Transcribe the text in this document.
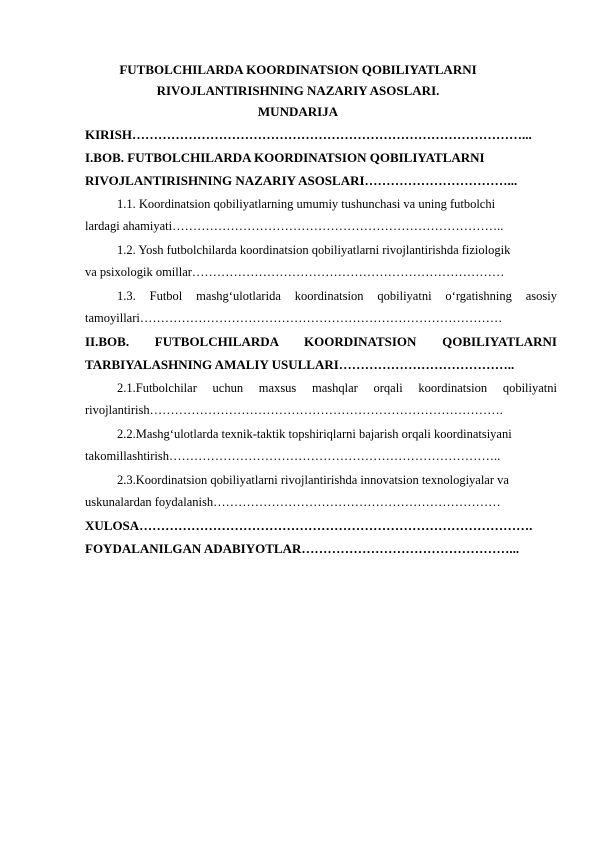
FUTBOLCHILARDA KOORDINATSION QOBILIYATLARNI
RIVOJLANTIRISHNING NAZARIY ASOSLARI.
MUNDARIJA
KIRISH………………………………………………………………………………...
I.BOB. FUTBOLCHILARDA KOORDINATSION QOBILIYATLARNI
RIVOJLANTIRISHNING NAZARIY ASOSLARI……………………………...
1.1. Koordinatsion qobiliyatlarning umumiy tushunchasi va uning futbolchi
lardagi ahamiyati……………………………………………………………………..
1.2. Yosh futbolchilarda koordinatsion qobiliyatlarni rivojlantirishda fiziologik
va psixologik omillar…………………………………………………………………
1.3. Futbol mashg‘ulotlarida koordinatsion qobiliyatni o‘rgatishning asosiy
tamoyillari……………………………………………………………………………
II.BOB. FUTBOLCHILARDA KOORDINATSION QOBILIYATLARNI
TARBIYALASHNING AMALIY USULLARI…………………………………..
2.1.Futbolchilar uchun maxsus mashqlar orqali koordinatsion qobiliyatni
rivojlantirish………………………………………………………………………….
2.2.Mashg‘ulotlarda texnik-taktik topshiriqlarni bajarish orqali koordinatsiyani
takomillashtirish……………………………………………………………………..
2.3.Koordinatsion qobiliyatlarni rivojlantirishda innovatsion texnologiyalar va
uskunalardan foydalanish……………………………………………………………
XULOSA……………………………………………………………………………….
FOYDALANILGAN ADABIYOTLAR…………………………………………...
